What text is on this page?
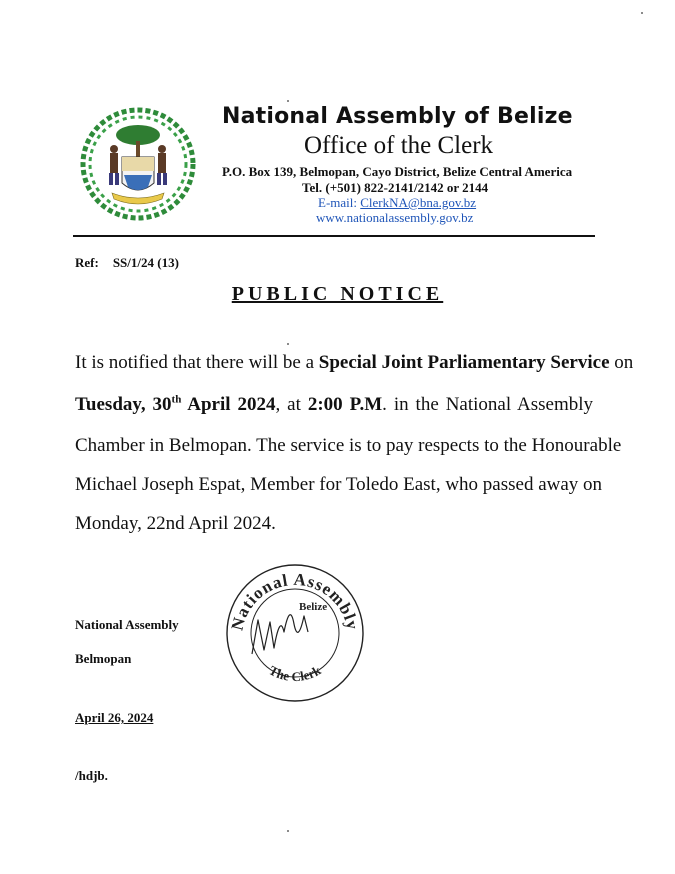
National Assembly of Belize
Office of the Clerk
P.O. Box 139, Belmopan, Cayo District, Belize Central America
Tel. (+501) 822-2141/2142 or 2144
E-mail: ClerkNA@bna.gov.bz
www.nationalassembly.gov.bz
Ref: SS/1/24 (13)
PUBLIC NOTICE
It is notified that there will be a Special Joint Parliamentary Service on
Tuesday, 30th April 2024, at 2:00 P.M. in the National Assembly
Chamber in Belmopan. The service is to pay respects to the Honourable
Michael Joseph Espat, Member for Toledo East, who passed away on
Monday, 22nd April 2024.
National Assembly
Belmopan
National Assembly
Belize
The Clerk
April 26, 2024
/hdjb.
